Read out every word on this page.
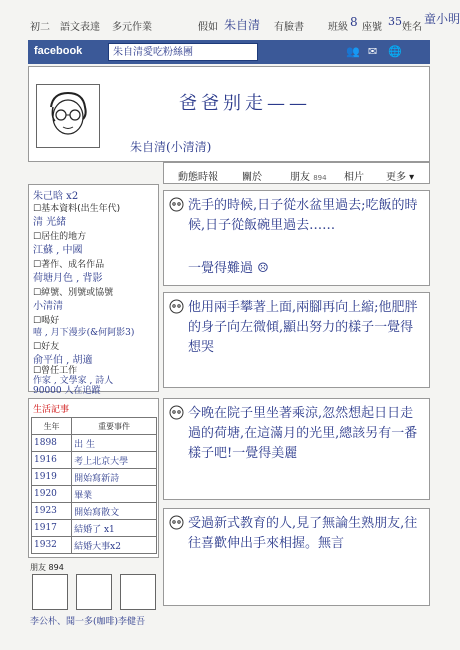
初二 語文表達 多元作業	假如 朱自清 有臉書 班級 8 座號 35 姓名
童小明
facebook	朱自清愛吃粉絲團	👥 ✉ 🌐
爸爸别走——
朱自清(小清清)
動態時報 關於	朋友 894 相片 更多 ▾
朱己晗 x2
☐基本資料(出生年代)
清 光緒
☐居住的地方
江蘇 , 中國
☐著作、成名作品
荷塘月色 , 背影
☐綽號、別號或協號
小清清
☐喝好
嘻 , 月下漫步(&何阿影3)
☐好友
俞平伯 , 胡適
☐曾任工作
作家 , 文學家 , 詩人
90000 人在追蹤
生活記事
生年	重要事件
1898	出 生
1916	考上北京大學
1919	開始寫新詩
1920	畢業
1923	開始寫散文
1917	結婚了 x1
1932	結婚大事x2
朋友 894
李公朴、聞一多(咖啡)李健吾
洗手的時候,日子從水盆里過去;吃飯的時候,日子從飯碗里過去……
一覺得難過 ☹
他用兩手攀著上面,兩腳再向上縮;他肥胖的身子向左微傾,顯出努力的樣子一覺得想哭
今晚在院子里坐著乘涼,忽然想起日日走過的荷塘,在這滿月的光里,總該另有一番樣子吧!一覺得美麗
受過新式教育的人,見了無論生熟朋友,往往喜歡伸出手來相握。無言
